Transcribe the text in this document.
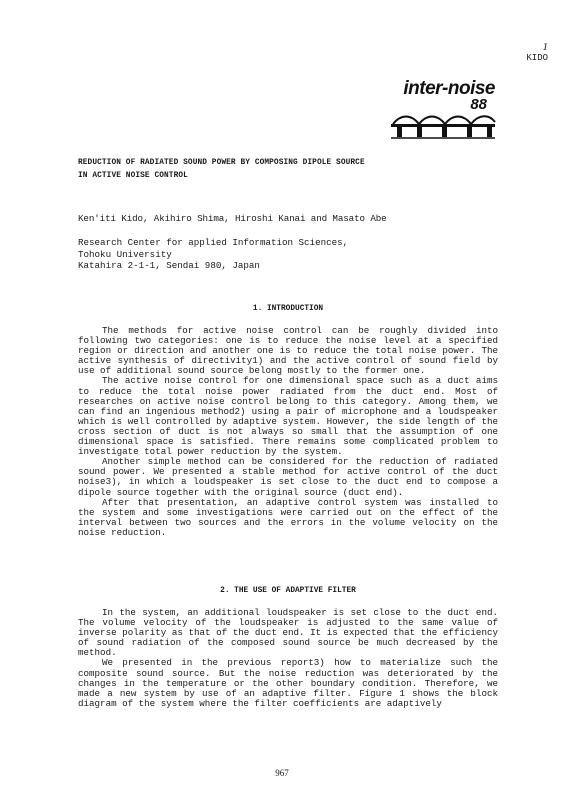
1
KIDO
inter-noise
88
REDUCTION OF RADIATED SOUND POWER BY COMPOSING DIPOLE SOURCE
IN ACTIVE NOISE CONTROL
Ken'iti Kido, Akihiro Shima, Hiroshi Kanai and Masato Abe
Research Center for applied Information Sciences,
Tohoku University
Katahira 2-1-1, Sendai 980, Japan
1. INTRODUCTION

The methods for active noise control can be roughly divided into following two categories: one is to reduce the noise level at a specified region or direction and another one is to reduce the total noise power. The active synthesis of directivity1) and the active control of sound field by use of additional sound source belong mostly to the former one.

The active noise control for one dimensional space such as a duct aims to reduce the total noise power radiated from the duct end. Most of researches on active noise control belong to this category. Among them, we can find an ingenious method2) using a pair of microphone and a loudspeaker which is well controlled by adaptive system. However, the side length of the cross section of duct is not always so small that the assumption of one dimensional space is satisfied. There remains some complicated problem to investigate total power reduction by the system.

Another simple method can be considered for the reduction of radiated sound power. We presented a stable method for active control of the duct noise3), in which a loudspeaker is set close to the duct end to compose a dipole source together with the original source (duct end).

After that presentation, an adaptive control system was installed to the system and some investigations were carried out on the effect of the interval between two sources and the errors in the volume velocity on the noise reduction.

2. THE USE OF ADAPTIVE FILTER

In the system, an additional loudspeaker is set close to the duct end. The volume velocity of the loudspeaker is adjusted to the same value of inverse polarity as that of the duct end. It is expected that the efficiency of sound radiation of the composed sound source be much decreased by the method.

We presented in the previous report3) how to materialize such the composite sound source. But the noise reduction was deteriorated by the changes in the temperature or the other boundary condition. Therefore, we made a new system by use of an adaptive filter. Figure 1 shows the block diagram of the system where the filter coefficients are adaptively

967
